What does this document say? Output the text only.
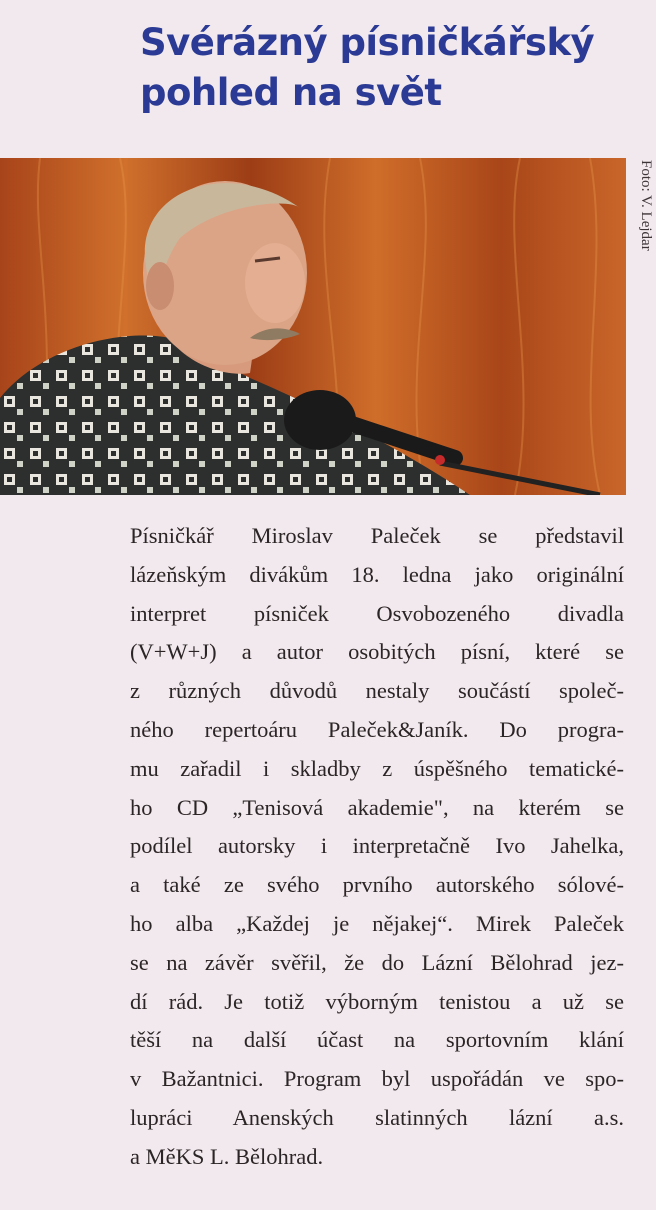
Svérázný písničkářský
pohled na svět
Foto: V. Lejdar
Písničkář Miroslav Paleček se představil
lázeňským divákům 18. ledna jako originální
interpret písniček Osvobozeného divadla
(V+W+J) a autor osobitých písní, které se
z různých důvodů nestaly součástí společ-
ného repertoáru Paleček&Janík. Do progra-
mu zařadil i skladby z úspěšného tematické-
ho CD „Tenisová akademie", na kterém se
podílel autorsky i interpretačně Ivo Jahelka,
a také ze svého prvního autorského sólové-
ho alba „Každej je nějakej“. Mirek Paleček
se na závěr svěřil, že do Lázní Bělohrad jez-
dí rád. Je totiž výborným tenistou a už se
těší na další účast na sportovním klání
v Bažantnici. Program byl uspořádán ve spo-
lupráci Anenských slatinných lázní a.s.
a MěKS L. Bělohrad.
